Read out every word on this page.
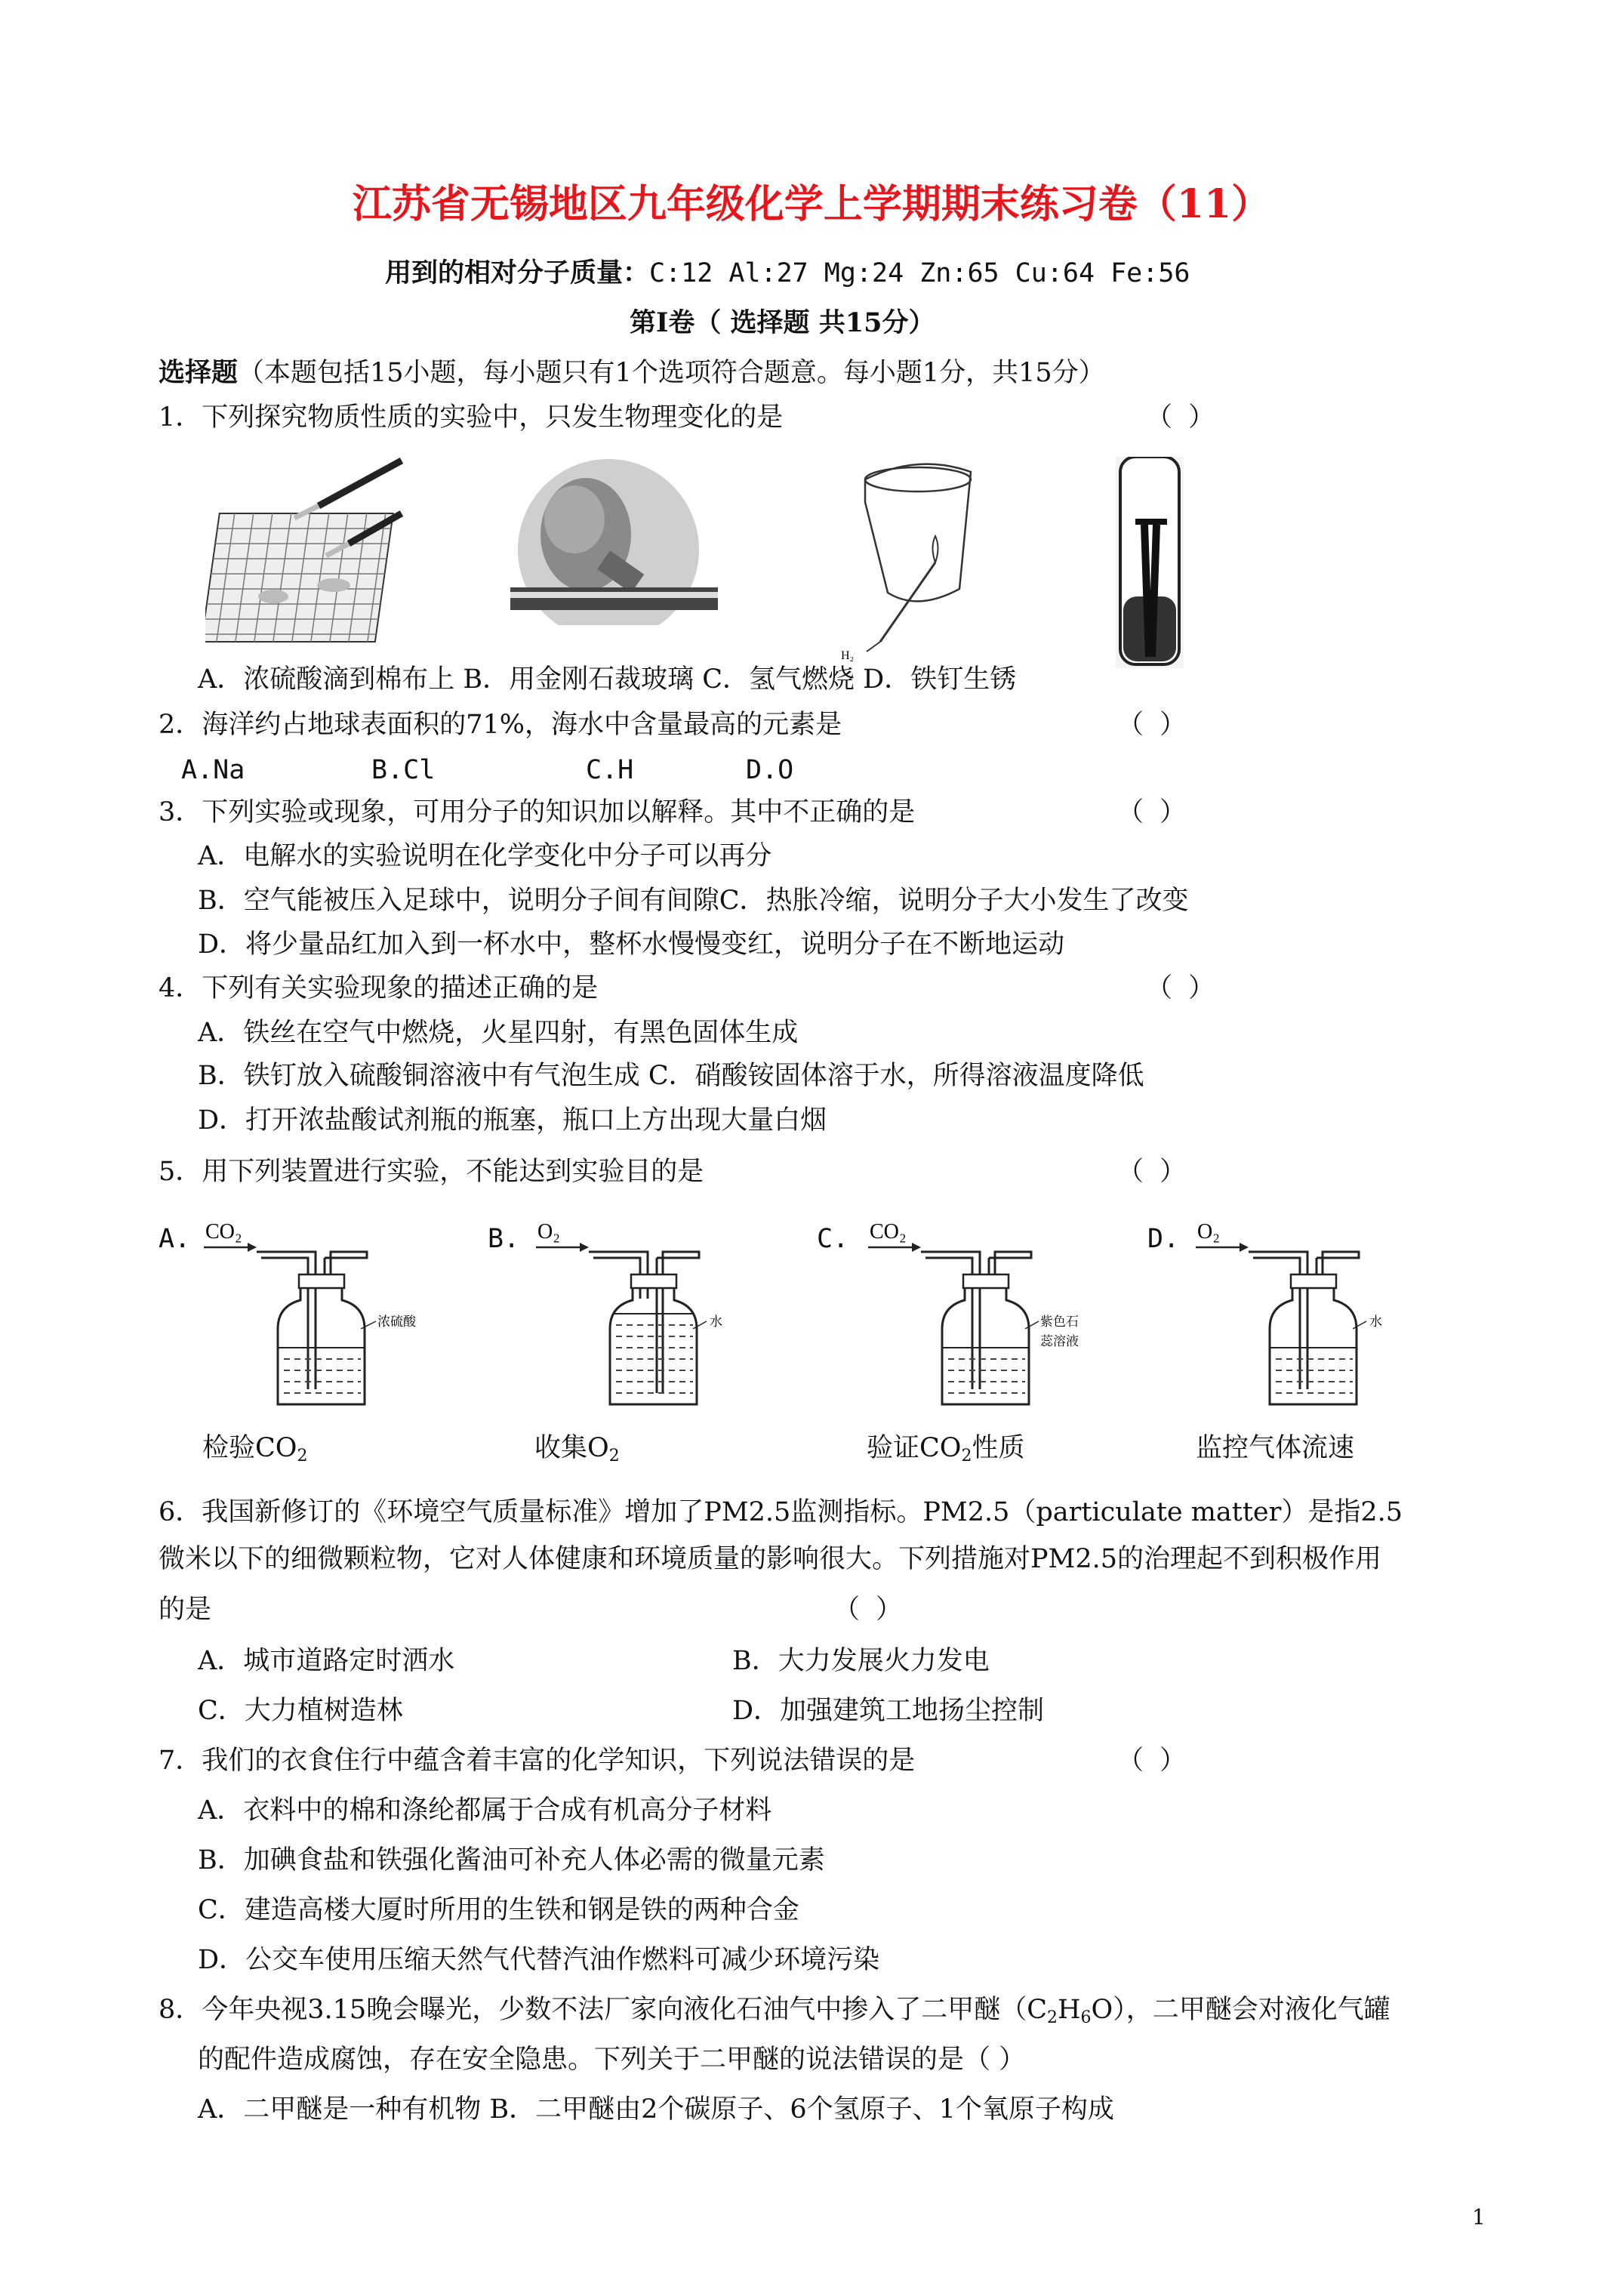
江苏省无锡地区九年级化学上学期期末练习卷（11）
用到的相对分子质量：C:12 Al:27 Mg:24 Zn:65 Cu:64 Fe:56
第Ⅰ卷（ 选择题 共15分）
选择题（本题包括15小题，每小题只有1个选项符合题意。每小题1分，共15分）
1．下列探究物质性质的实验中，只发生物理变化的是	（ ）
H₂
A．浓硫酸滴到棉布上 B．用金刚石裁玻璃 C．氢气燃烧 D．铁钉生锈
2．海洋约占地球表面积的71%，海水中含量最高的元素是	（ ）
A.Na	B.Cl	C.H	D.O
3．下列实验或现象，可用分子的知识加以解释。其中不正确的是	（ ）
A．电解水的实验说明在化学变化中分子可以再分
B．空气能被压入足球中，说明分子间有间隙C．热胀冷缩，说明分子大小发生了改变
D．将少量品红加入到一杯水中，整杯水慢慢变红，说明分子在不断地运动
4．下列有关实验现象的描述正确的是	（ ）
A．铁丝在空气中燃烧，火星四射，有黑色固体生成
B．铁钉放入硫酸铜溶液中有气泡生成 C．硝酸铵固体溶于水，所得溶液温度降低
D．打开浓盐酸试剂瓶的瓶塞，瓶口上方出现大量白烟
5．用下列装置进行实验，不能达到实验目的是	（ ）
A. CO₂
浓硫酸
B. O₂
水
C. CO₂
紫色石蕊溶液
D. O₂
水
检验$CO_2$	收集$O_2$	验证$CO_2$性质	监控气体流速
6．我国新修订的《环境空气质量标准》增加了PM2.5监测指标。PM2.5（particulate matter）是指2.5
微米以下的细微颗粒物，它对人体健康和环境质量的影响很大。下列措施对PM2.5的治理起不到积极作用
的是	（ ）
A．城市道路定时洒水	B．大力发展火力发电
C．大力植树造林	D．加强建筑工地扬尘控制
7．我们的衣食住行中蕴含着丰富的化学知识，下列说法错误的是	（ ）
A．衣料中的棉和涤纶都属于合成有机高分子材料
B．加碘食盐和铁强化酱油可补充人体必需的微量元素
C．建造高楼大厦时所用的生铁和钢是铁的两种合金
D．公交车使用压缩天然气代替汽油作燃料可减少环境污染
8．今年央视3.15晚会曝光，少数不法厂家向液化石油气中掺入了二甲醚$(C_2H_6O)$，二甲醚会对液化气罐
的配件造成腐蚀，存在安全隐患。下列关于二甲醚的说法错误的是（ ）
A．二甲醚是一种有机物 B．二甲醚由2个碳原子、6个氢原子、1个氧原子构成
1
